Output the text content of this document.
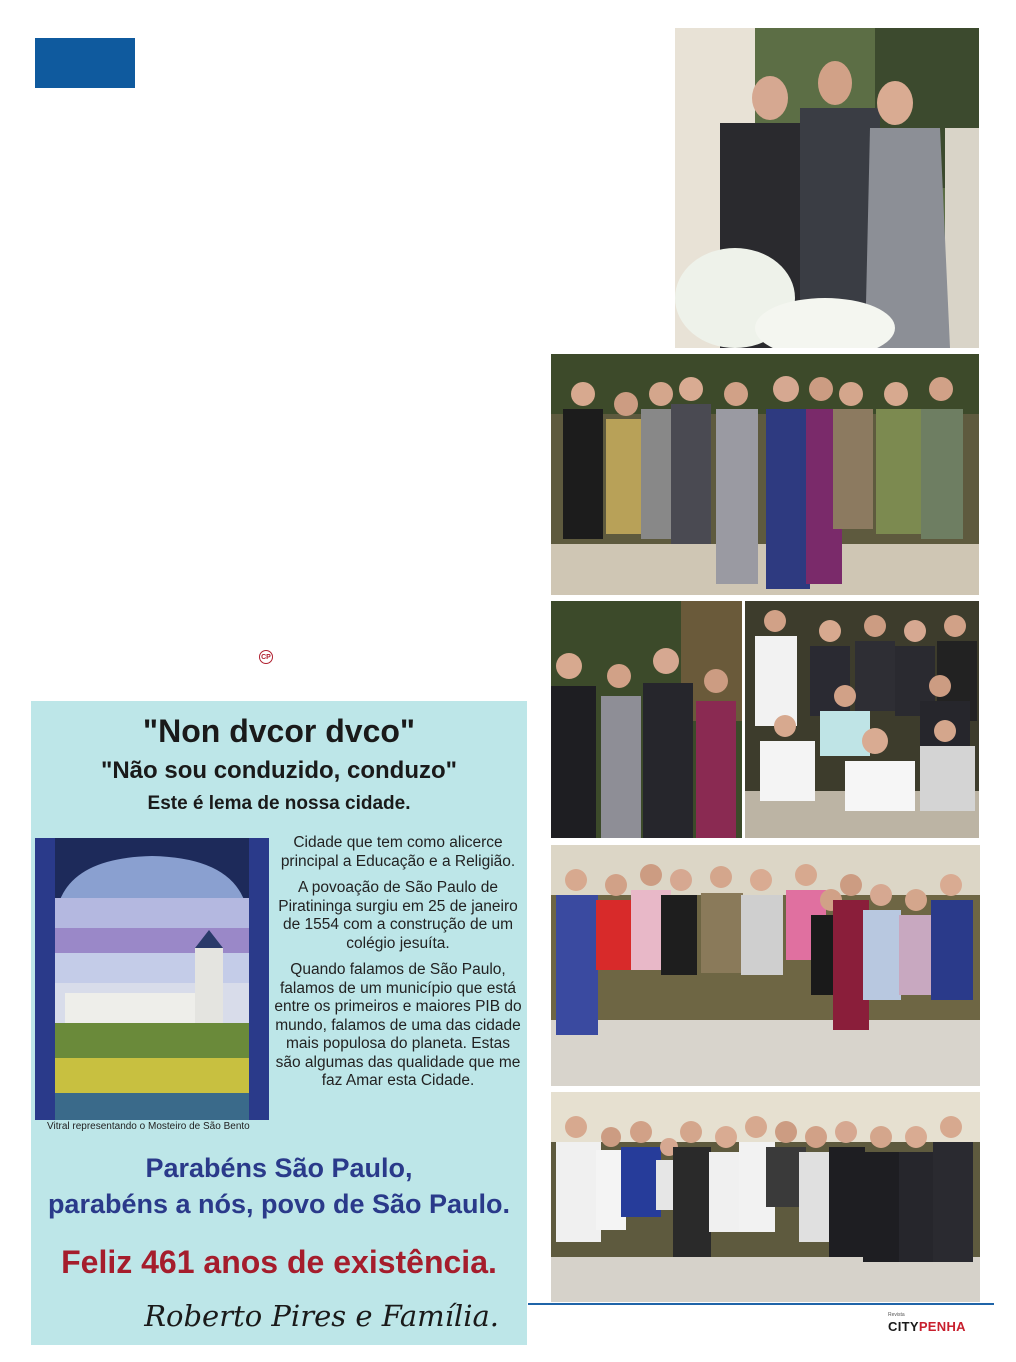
CP
"Non dvcor dvco"
"Não sou conduzido, conduzo"
Este é lema de nossa cidade.
Vitral representando o Mosteiro de São Bento

Cidade que tem como alicerce principal a Educação e a Religião.

A povoação de São Paulo de Piratininga surgiu em 25 de janeiro de 1554 com a construção de um colégio jesuíta.

Quando falamos de São Paulo, falamos de um município que está entre os primeiros e maiores PIB do mundo, falamos de uma das cidade mais populosa do planeta. Estas são algumas das qualidade que me faz Amar esta Cidade.

Parabéns São Paulo,
parabéns a nós, povo de São Paulo.
Feliz 461 anos de existência.
Roberto Pires e Família.	Revista
CITYPENHA
